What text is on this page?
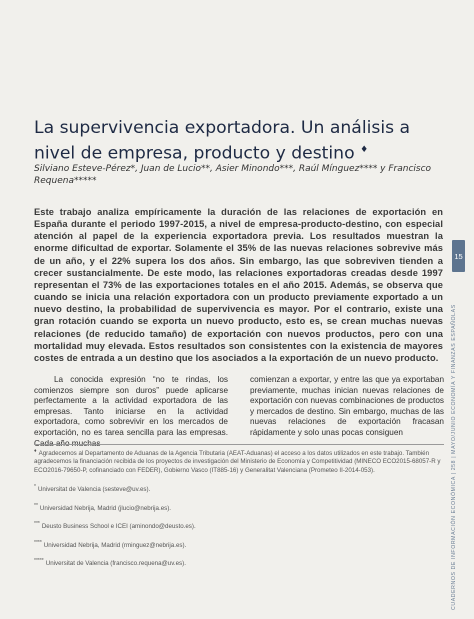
La supervivencia exportadora. Un análisis a nivel de empresa, producto y destino ♦

Silviano Esteve-Pérez*, Juan de Lucio**, Asier Minondo***, Raúl Mínguez**** y Francisco Requena*****

Este trabajo analiza empíricamente la duración de las relaciones de exportación en España durante el periodo 1997-2015, a nivel de empresa-producto-destino, con especial atención al papel de la experiencia exportadora previa. Los resultados muestran la enorme dificultad de exportar. Solamente el 35% de las nuevas relaciones sobrevive más de un año, y el 22% supera los dos años. Sin embargo, las que sobreviven tienden a crecer sustancialmente. De este modo, las relaciones exportadoras creadas desde 1997 representan el 73% de las exportaciones totales en el año 2015. Además, se observa que cuando se inicia una relación exportadora con un producto previamente exportado a un nuevo destino, la probabilidad de supervivencia es mayor. Por el contrario, existe una gran rotación cuando se exporta un nuevo producto, esto es, se crean muchas nuevas relaciones (de reducido tamaño) de exportación con nuevos productos, pero con una mortalidad muy elevada. Estos resultados son consistentes con la existencia de mayores costes de entrada a un destino que los asociados a la exportación de un nuevo producto.

La conocida expresión “no te rindas, los comienzos siempre son duros” puede aplicarse perfectamente a la actividad exportadora de las empresas. Tanto iniciarse en la actividad exportadora, como sobrevivir en los mercados de exportación, no es tarea sencilla para las empresas. Cada año muchas

comienzan a exportar, y entre las que ya exportaban previamente, muchas inician nuevas relaciones de exportación con nuevas combinaciones de productos y mercados de destino. Sin embargo, muchas de las nuevas relaciones de exportación fracasan rápidamente y solo unas pocas consiguen

♦ Agradecemos al Departamento de Aduanas de la Agencia Tributaria (AEAT-Aduanas) el acceso a los datos utilizados en este trabajo. También agradecemos la financiación recibida de los proyectos de investigación del Ministerio de Economía y Competitividad (MINECO ECO2015-68057-R y ECO2016-79650-P, cofinanciado con FEDER), Gobierno Vasco (IT885-16) y Generalitat Valenciana (Prometeo II-2014-053).

* Universitat de Valencia (sesteve@uv.es).

** Universidad Nebrija, Madrid (jlucio@nebrija.es).

*** Deusto Business School e ICEI (aminondo@deusto.es).

**** Universidad Nebrija, Madrid (rminguez@nebrija.es).

***** Universitat de Valencia (francisco.requena@uv.es).	CUADERNOS DE INFORMACIÓN ECONÓMICA | 258 | MAYO/JUNIO ECONOMÍA Y FINANZAS ESPAÑOLAS
15
